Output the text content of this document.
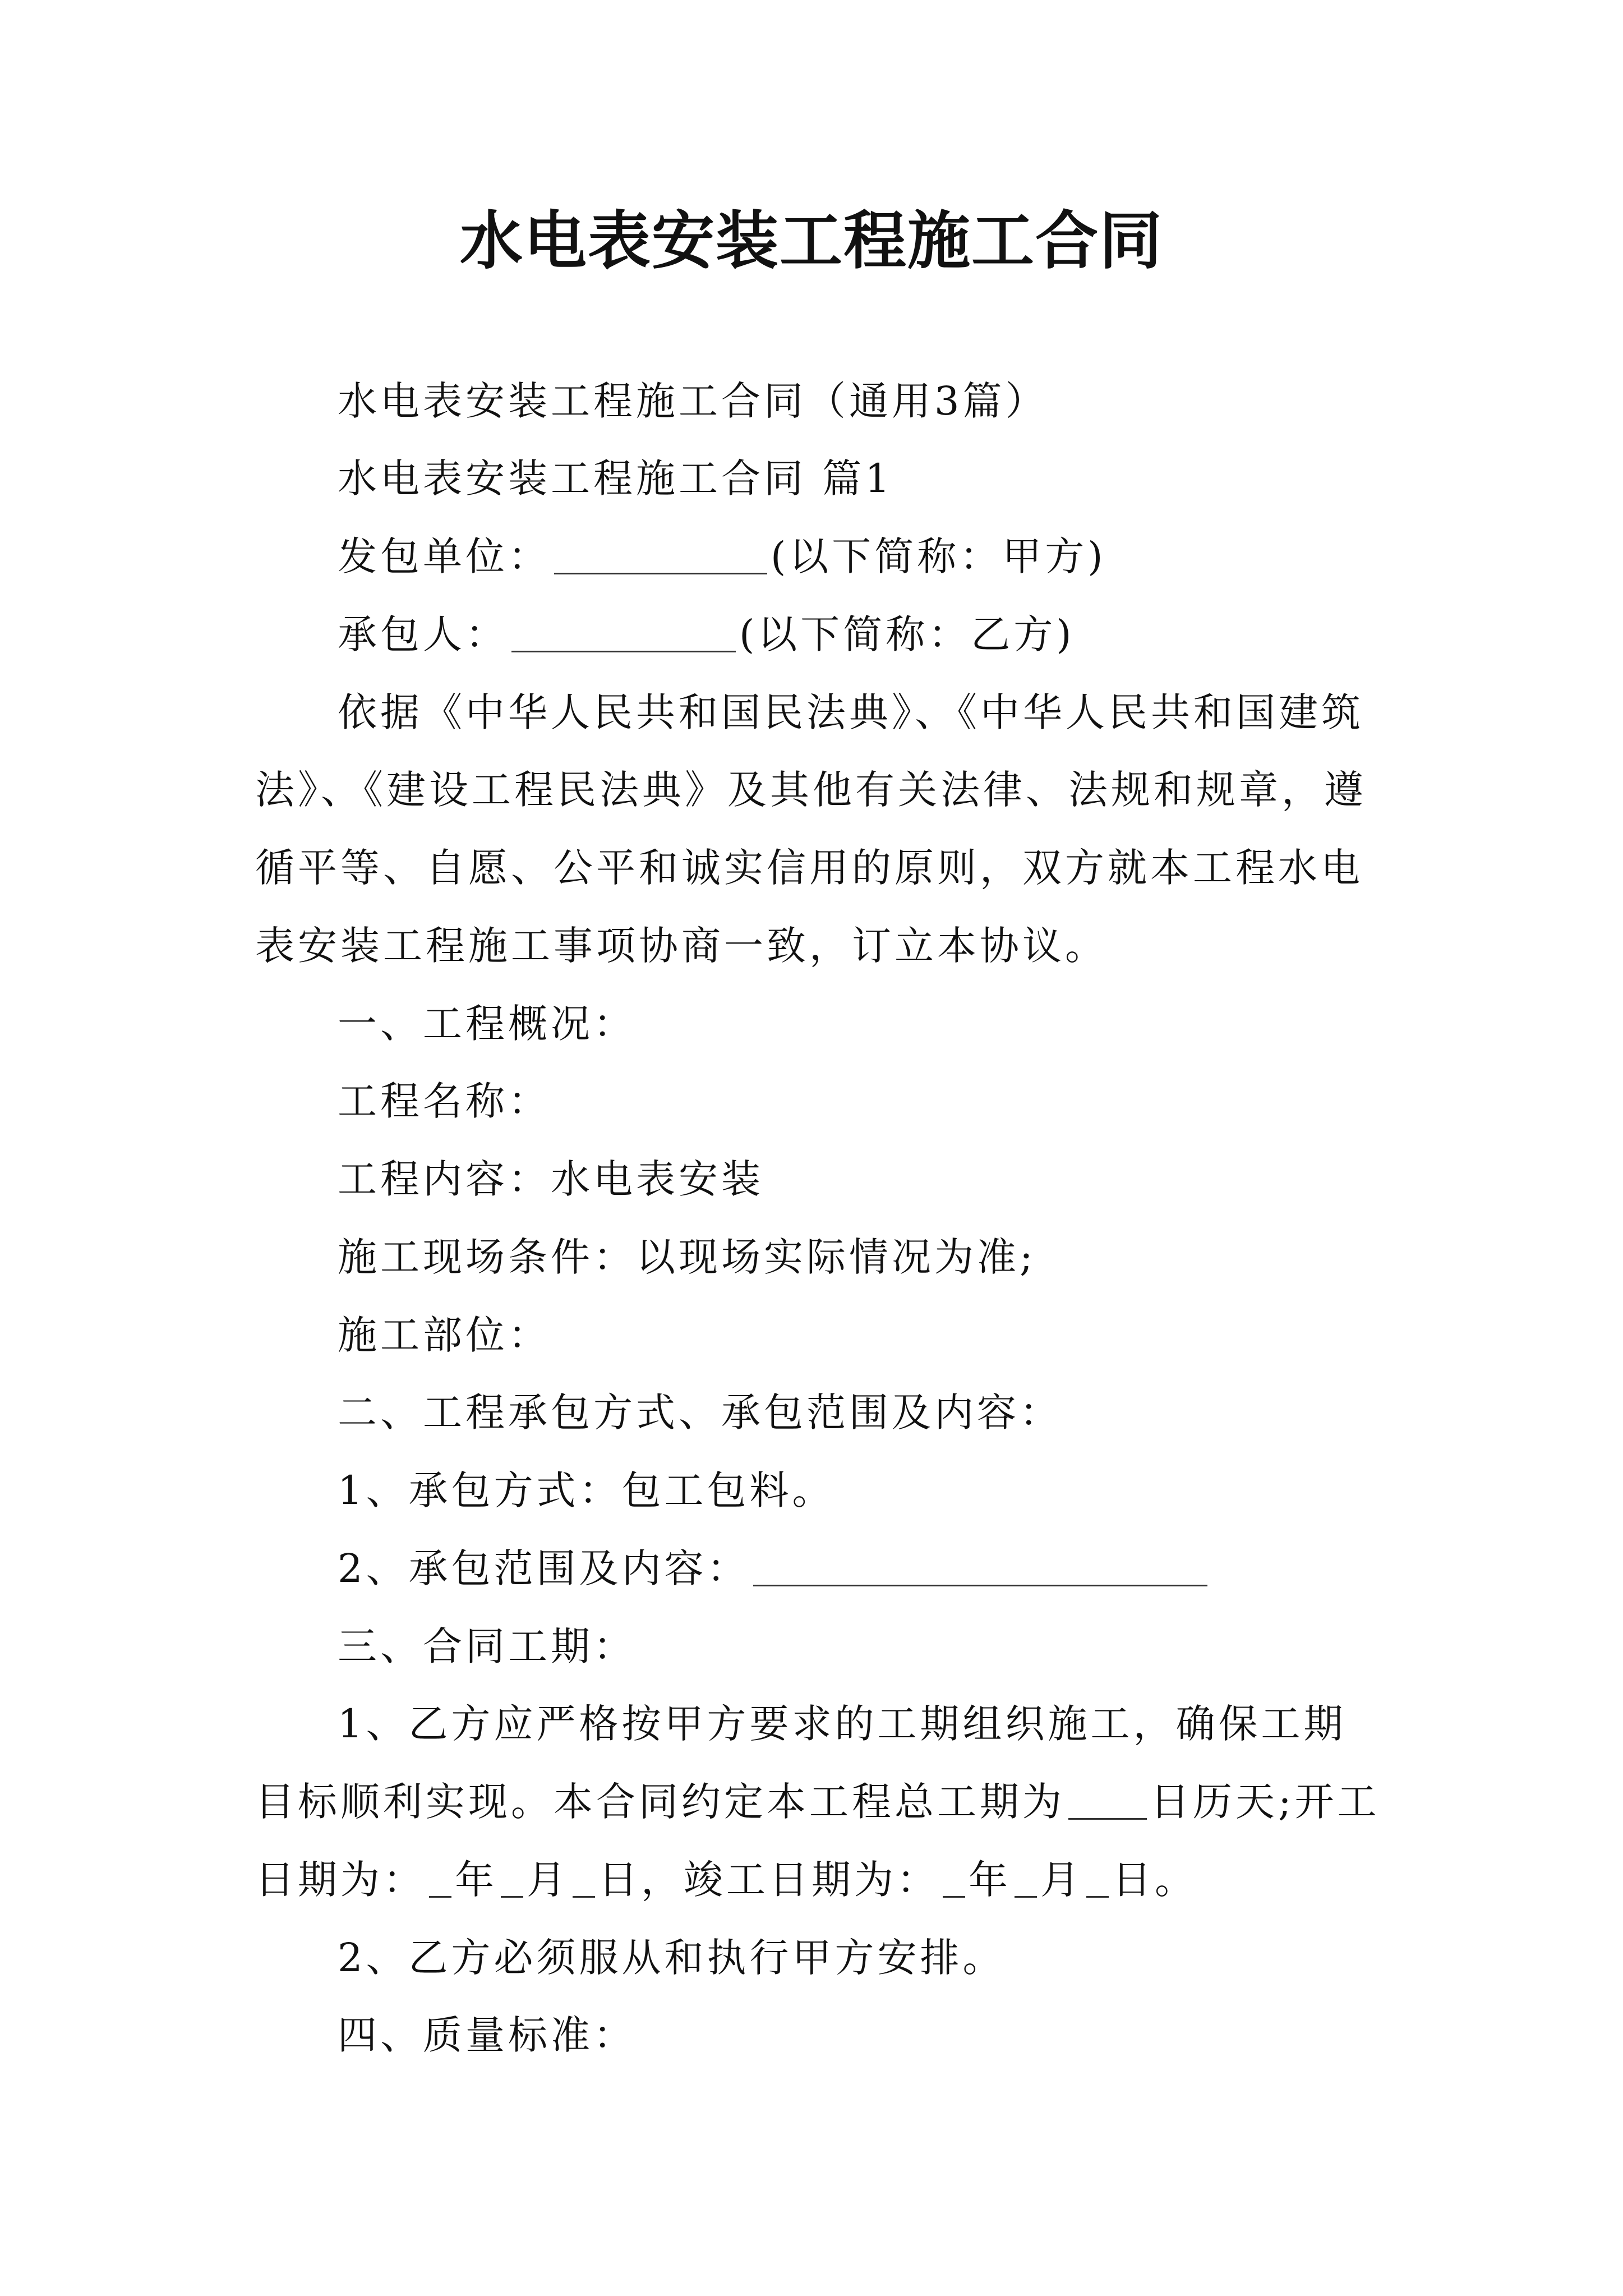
水电表安装工程施工合同
水电表安装工程施工合同（通用3篇）
水电表安装工程施工合同 篇1
发包单位：	(以下简称：甲方)
承包人：	(以下简称：乙方)
依据《中华人民共和国民法典》、《中华人民共和国建筑
法》、《建设工程民法典》及其他有关法律、法规和规章，遵
循平等、自愿、公平和诚实信用的原则，双方就本工程水电
表安装工程施工事项协商一致，订立本协议。
一、工程概况：
工程名称：
工程内容：水电表安装
施工现场条件：以现场实际情况为准;
施工部位：
二、工程承包方式、承包范围及内容：
1、承包方式：包工包料。
2、承包范围及内容：
三、合同工期：
1、乙方应严格按甲方要求的工期组织施工，确保工期
目标顺利实现。本合同约定本工程总工期为 日历天;开工
日期为： 年 月 日，竣工日期为： 年 月 日。
2、乙方必须服从和执行甲方安排。
四、质量标准：
